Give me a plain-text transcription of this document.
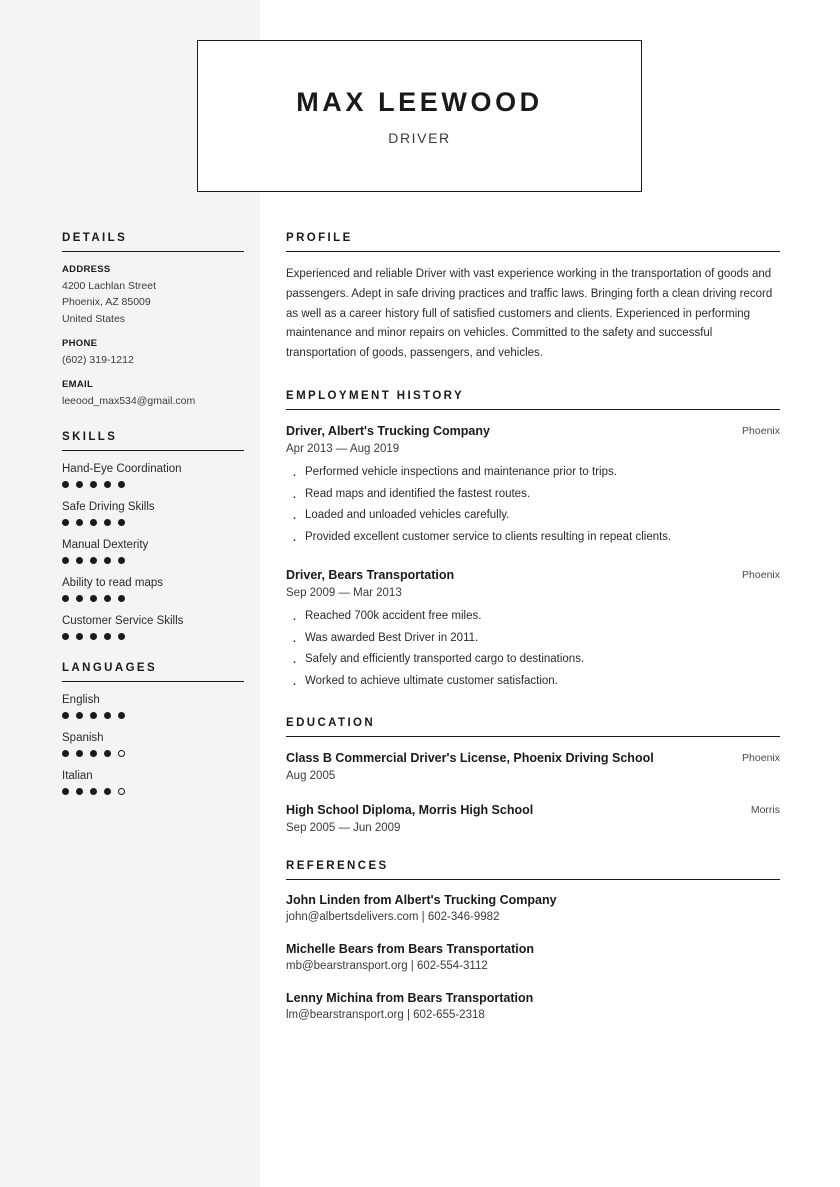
MAX LEEWOOD
DRIVER
DETAILS
ADDRESS
4200 Lachlan Street
Phoenix, AZ 85009
United States
PHONE
(602) 319-1212
EMAIL
leeood_max534@gmail.com
SKILLS
Hand-Eye Coordination
Safe Driving Skills
Manual Dexterity
Ability to read maps
Customer Service Skills
LANGUAGES
English
Spanish
Italian
PROFILE
Experienced and reliable Driver with vast experience working in the transportation of goods and passengers. Adept in safe driving practices and traffic laws. Bringing forth a clean driving record as well as a career history full of satisfied customers and clients. Experienced in performing maintenance and minor repairs on vehicles. Committed to the safety and successful transportation of goods, passengers, and vehicles.
EMPLOYMENT HISTORY
Driver, Albert's Trucking Company	Phoenix
Apr 2013 — Aug 2019
· Performed vehicle inspections and maintenance prior to trips.
· Read maps and identified the fastest routes.
· Loaded and unloaded vehicles carefully.
· Provided excellent customer service to clients resulting in repeat clients.
Driver, Bears Transportation	Phoenix
Sep 2009 — Mar 2013
· Reached 700k accident free miles.
· Was awarded Best Driver in 2011.
· Safely and efficiently transported cargo to destinations.
· Worked to achieve ultimate customer satisfaction.
EDUCATION
Class B Commercial Driver's License, Phoenix Driving School	Phoenix
Aug 2005
High School Diploma, Morris High School	Morris
Sep 2005 — Jun 2009
REFERENCES
John Linden from Albert's Trucking Company
john@albertsdelivers.com | 602-346-9982
Michelle Bears from Bears Transportation
mb@bearstransport.org | 602-554-3112
Lenny Michina from Bears Transportation
lm@bearstransport.org | 602-655-2318
